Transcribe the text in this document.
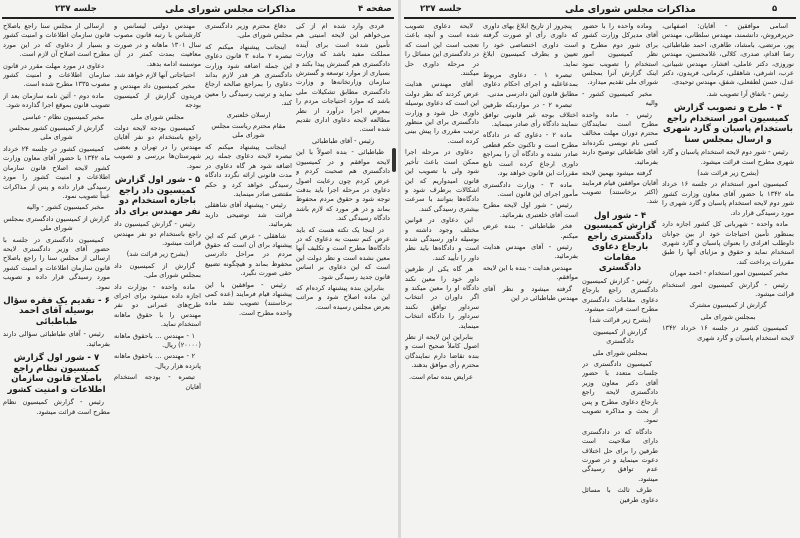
جلسه ۲۳۷	مذاکرات مجلس شورای ملی	صفحه ۴

فردی وارد شده ام از کی می‌خواهم این لایحه امنیتی هم تأمین شده است برای آینده مملکت مفید باشد که وزارت دادگستری هم گسترش پیدا بکند و بسیاری از موارد توسعه و گسترش سازمان وزارتخانه‌ها و وزارت دادگستری مطابق تشکیلات ملی باشد که موارد احتیاجات مردم را بمعرض اجرا درآورد از نظر مطالعه لایحه دعاوی اداری تقدیم شده است.

رئیس - آقای طباطبائی

طباطبائی - بنده اصولاً با این لایحه موافقم و در کمیسیون دادگستری هم صحبت کردم و عرض کردم چون رعایت اصول دعاوی در مرحله اجرا باید بدقت توجه شود و حقوق مردم محفوظ بماند و در هر مورد که لازم باشد دادگاه رسیدگی کند.

در اینجا یک نکته هست که باید عرض کنم نسبت به دعاوی که در دادگاه‌ها مطرح است و تکلیف آنها معین نشده است و نظر دولت این است که این دعاوی بر اساس قانون جدید رسیدگی شود.

بنابراین بنده پیشنهاد کرده‌ام که این ماده اصلاح شود و مراتب بعرض مجلس رسیده است.

دفاع محترم وزیر دادگستری مجلس شورای ملی.

اینجانب پیشنهاد میکنم که تبصره ۲ ماده ۳ قانون دعاوی این جمله اضافه شود وزارت دادگستری هر قدر لازم بداند دعاوی را بمراجع صالحه ارجاع نماید و ترتیب رسیدگی را معین کند.

ارسلان خلعتبری

مقام محترم ریاست مجلس شورای ملی

اینجانب پیشنهاد میکنم که تبصره لایحه دعاوی جمله زیر اضافه شود هر گاه دعاوی در مدت قانونی ارائه نگردد دادگاه رسیدگی خواهد کرد و حکم مقتضی صادر مینماید.

رئیس - پیشنهاد آقای شاهقلی قرائت شد توضیحی دارید بفرمائید.

شاهقلی - عرض کنم که این پیشنهاد برای آن است که حقوق مردم در مراحل دادرسی محفوظ بماند و هیچگونه تضییع حقی صورت نگیرد.

رئیس - موافقین با این پیشنهاد قیام فرمایند (عده کمی برخاستند) تصویب نشد ماده واحده مطرح است.

مهندس دولتی لیسانس و کارشناس با رتبه قانون مصوب سال ۱۳۰۱ ماهانه و در صورت معافیت بمدت کمتر در آن موسسه ادامه بدهد.

احتیاجاتی آنها لازم خواهد شد.

مخبر کمیسیون داد مهندس و فریدون گزارش از کمیسیون بودجه

مجلس شورای ملی

کمیسیون بودجه لایحه دولت راجع باستخدام دو نفر آقایان مهندس را در تهران و بعضی شهرستان‌ها بررسی و تصویب نمود.

۵ - شور اول گزارش کمیسیون داد راجع باجازه استخدام دو نفر مهندس برای داد

رئیس - گزارش کمیسیون داد راجع باستخدام دو نفر مهندس قرائت میشود.

(بشرح زیر قرائت شد)

گزارش از کمیسیون داد بمجلس شورای ملی.

ماده واحده - بوزارت داد اجازه داده میشود برای اجرای طرح‌های عمرانی دو نفر مهندس را با حقوق ماهانه استخدام نماید.

۱ - مهندس ... باحقوق ماهانه (۲۰۰۰۰) ریال.

۲ - مهندس ... باحقوق ماهانه پانزده هزار ریال.

تبصره - بودجه استخدام آقایان

ارسالی از مجلس سنا راجع باصلاح قانون سازمان اطلاعات و امنیت کشور و بسیار از دعاوی که در این مورد مطرح است اصلاح آن لازم است.

دعاوی در مورد مهلت مقرر در قانون سازمان اطلاعات و امنیت کشور مصوب ۱۳۳۵ مطرح شده است.

ماده دوم - آئین نامه سازمان بعد از تصویب قانون بموقع اجرا گذارده شود.

مخبر کمیسیون نظام - عباسی

گزارش از کمیسیون کشور بمجلس شورای ملی

کمیسیون کشور در جلسه ۲۴ خرداد ماه ۱۳۴۲ با حضور آقای معاون وزارت کشور لایحه اصلاح قانون سازمان اطلاعات و امنیت کشور را مورد رسیدگی قرار داده و پس از مذاکرات عیناً تصویب نمود.

مخبر کمیسیون کشور - والیه

گزارش از کمیسیون دادگستری بمجلس شورای ملی

کمیسیون دادگستری در جلسه با حضور آقای وزیر دادگستری لایحه ارسالی از مجلس سنا را راجع باصلاح قانون سازمان اطلاعات و امنیت کشور مورد رسیدگی قرار داده و تصویب نمود.

۶ - تقدیم یک فقره سؤال بوسیله آقای احمد طباطبائی

رئیس - آقای طباطبائی سؤالی دارند بفرمائید.

۷ - شور اول گزارش کمیسیون نظام راجع باصلاح قانون سازمان اطلاعات و امنیت کشور

رئیس - گزارش کمیسیون نظام مطرح است قرائت میشود.

جلسه ۲۳۷	مذاکرات مجلس شورای ملی	۵

اسامی موافقین - آقایان: اصفهانی، حریرفروش، دانشمند، مهندس سلطانی، مهندس پور، مرتضی، بامشاد، طاهری، احمد طباطبائی، رضا اقدام، صدری، کلالی، غلامحسین، مهندس نوروزی، دکتر عاملی، افشار، مهندس شیبانی، عرب، اشرفی، شاهقلی، کرمانی، فریدون، دکتر عدل، حسن لطفعلی، شفق، مهندس توحیدی.

رئیس - باتفاق آرا تصویب شد.

۴ - طرح و تصویب گزارش کمیسیون امور استخدام راجع باستخدام پاسبان و گارد شهری و ارسال بمجلس سنا

رئیس - شور دوم لایحه استخدام پاسبان و گارد شهری مطرح است قرائت میشود.

(بشرح زیر قرائت شد)

کمیسیون امور استخدام در جلسه ۱۶ خرداد ماه ۱۳۴۲ با حضور آقای معاون وزارت کشور شور دوم لایحه استخدام پاسبان و گارد شهری را مورد رسیدگی قرار داد.

ماده واحده - شهربانی کل کشور اجازه دارد بمنظور تأمین احتیاجات خود از بین جوانان داوطلب افرادی را بعنوان پاسبان و گارد شهری استخدام نماید و حقوق و مزایای آنها را طبق مقررات پرداخت کند.

مخبر کمیسیون امور استخدام - احمد مهران

رئیس - گزارش کمیسیون امور استخدام قرائت میشود.

گزارش از کمیسیون مشترک

بمجلس شورای ملی

کمیسیون کشور در جلسه ۱۶ خرداد ۱۳۴۲ لایحه استخدام پاسبان و گارد شهری

وماده واحده را با حضور آقای مدیرکل وزارت کشور برای شور دوم مطرح و نظر کمیسیون امور استخدام را تصویب نمود اینک گزارش آنرا بمجلس شورای ملی تقدیم میدارد.

مخبر کمیسیون کشور - والیه

رئیس - ماده واحده مطرح است نمایندگان محترم دوران مهلت مخالف کسی نام نویسی نکرده‌اند آقای طباطبائی توضیح دارند بفرمائید.

گرفته میشود بهمین لایحه آقایان موافقین قیام فرمایند (اکثر برخاستند) تصویب شد.

۴ - شور اول گزارش کمیسیون دادگستری راجع بارجاع دعاوی مقامات دادگستری

رئیس - گزارش کمیسیون دادگستری راجع بارجاع دعاوی مقامات دادگستری مطرح است قرائت میشود.

(بشرح زیر قرائت شد)

گزارش از کمیسیون دادگستری

بمجلس شورای ملی

کمیسیون دادگستری در جلسات متعدد با حضور آقای دکتر معاون وزیر دادگستری لایحه راجع بارجاع دعاوی مطرح و پس از بحث و مذاکره تصویب نمود.

دادگاه که در دادگستری دارای صلاحیت است طرفین را برای حل اختلاف دعوت مینماید و در صورت عدم توافق رسیدگی میشود.

طرف ثالث با مسائل دعاوی طرفین

پنجروز از تاریخ ابلاغ بهای داوری که داوری رأی او صورت گرفته است داوری اختصاصی خود را تعیین و بطرف کمیسیون ابلاغ نماید.

تبصره ۱ - دعاوی مربوط بمدعاعلیه و اجرای احکام دعاوی مطابق قانون آئین دادرسی مدنی.

تبصره ۲ - در مواردیکه طرفین اختلاف بوجه غیر قانونی توافق ننمایند دادگاه رأی صادر مینماید.

ماده ۲ - دعاوی که در دادگاه مطرح است و تاکنون حکم قطعی صادر نشده و دادگاه آن را بمراجع داوری ارجاع کرده است تابع مقررات این قانون خواهد بود.

ماده ۳ - وزارت دادگستری مأمور اجرای این قانون است.

رئیس - شور اول لایحه مطرح است آقای خلعتبری بفرمائید.

فخر طباطبائی - بنده عرض میکنم.

رئیس - آقای مهندس هدایت بفرمائید.

مهندس هدایت - بنده با این لایحه موافقم.

گرفته میشود و نظر آقای مهندس طباطبائی در این

لایحه دعاوی تصویب شده است و آنچه باعث تعجب است این است که در دادگستری این مسائل را در مرحله داوری حل میکنند.

آقای مهندس هدایت عرض کردند که نظر دولت این است که دعاوی بوسیله داوری حل شود و وزارت دادگستری برای این منظور ترتیب مقرری را پیش بینی کرده است.

دعاوی در مرحله اجرا ممکن است باعث تأخیر شود ولی با تصویب این قانون امیدواریم که این اشکالات برطرف شود و دادگاه‌ها بتوانند با سرعت بیشتری رسیدگی کنند.

این دعاوی در قوانین مختلف وجود داشته و بوسیله داور رسیدگی شده است و دادگاه‌ها باید نظر داور را تأیید کنند.

هر گاه یکی از طرفین داور خود را معین نکند دادگاه او را معین میکند و اگر داوران در انتخاب سرداور توافق نکنند سرداور را دادگاه انتخاب مینماید.

بنابراین این لایحه از نظر اصول کاملاً صحیح است و بنده تقاضا دارم نمایندگان محترم رأی موافق بدهند.

عرایض بنده تمام است.
